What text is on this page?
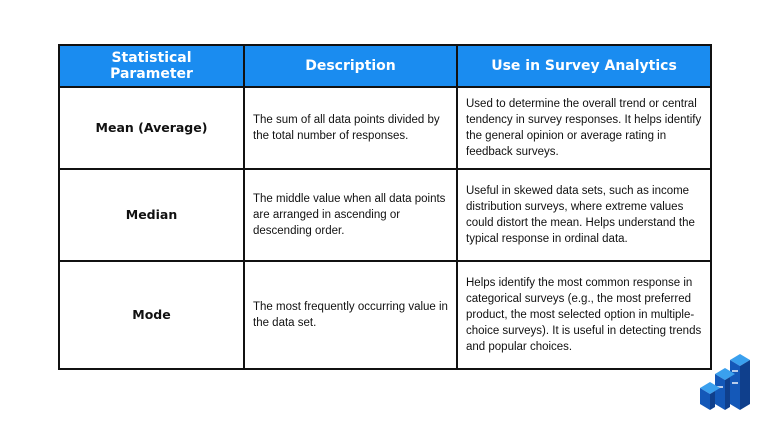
Statistical Parameter	Description	Use in Survey Analytics
Mean (Average)	The sum of all data points divided by the total number of responses.	Used to determine the overall trend or central tendency in survey responses. It helps identify the general opinion or average rating in feedback surveys.
Median	The middle value when all data points are arranged in ascending or descending order.	Useful in skewed data sets, such as income distribution surveys, where extreme values could distort the mean. Helps understand the typical response in ordinal data.
Mode	The most frequently occurring value in the data set.	Helps identify the most common response in categorical surveys (e.g., the most preferred product, the most selected option in multiple-choice surveys). It is useful in detecting trends and popular choices.
